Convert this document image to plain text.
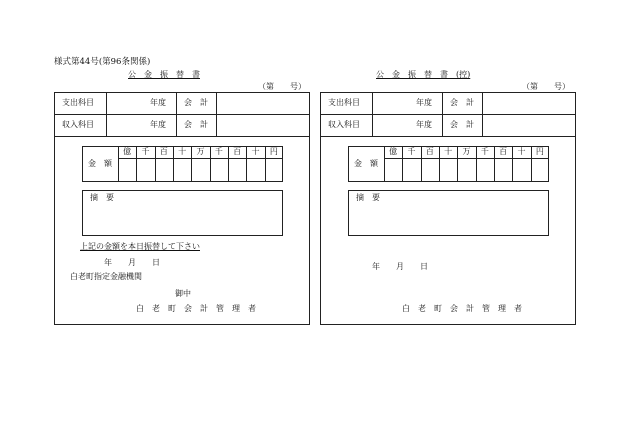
様式第44号(第96条関係)
公　金　振　替　書
（第　　号）
公　金　振　替　書　(控)
（第　　号）
支出科目	年度 会　計
収入科目	年度 会　計
金　額
億	千	百	十	万	千	百	十	円
摘　要
上記の金額を本日振替して下さい
年　　月　　日
白老町指定金融機関
御中
白　老　町　会　計　管　理　者
支出科目	年度 会　計
収入科目	年度 会　計
金　額
億	千	百	十	万	千	百	十	円
摘　要
年　　月　　日
白　老　町　会　計　管　理　者
